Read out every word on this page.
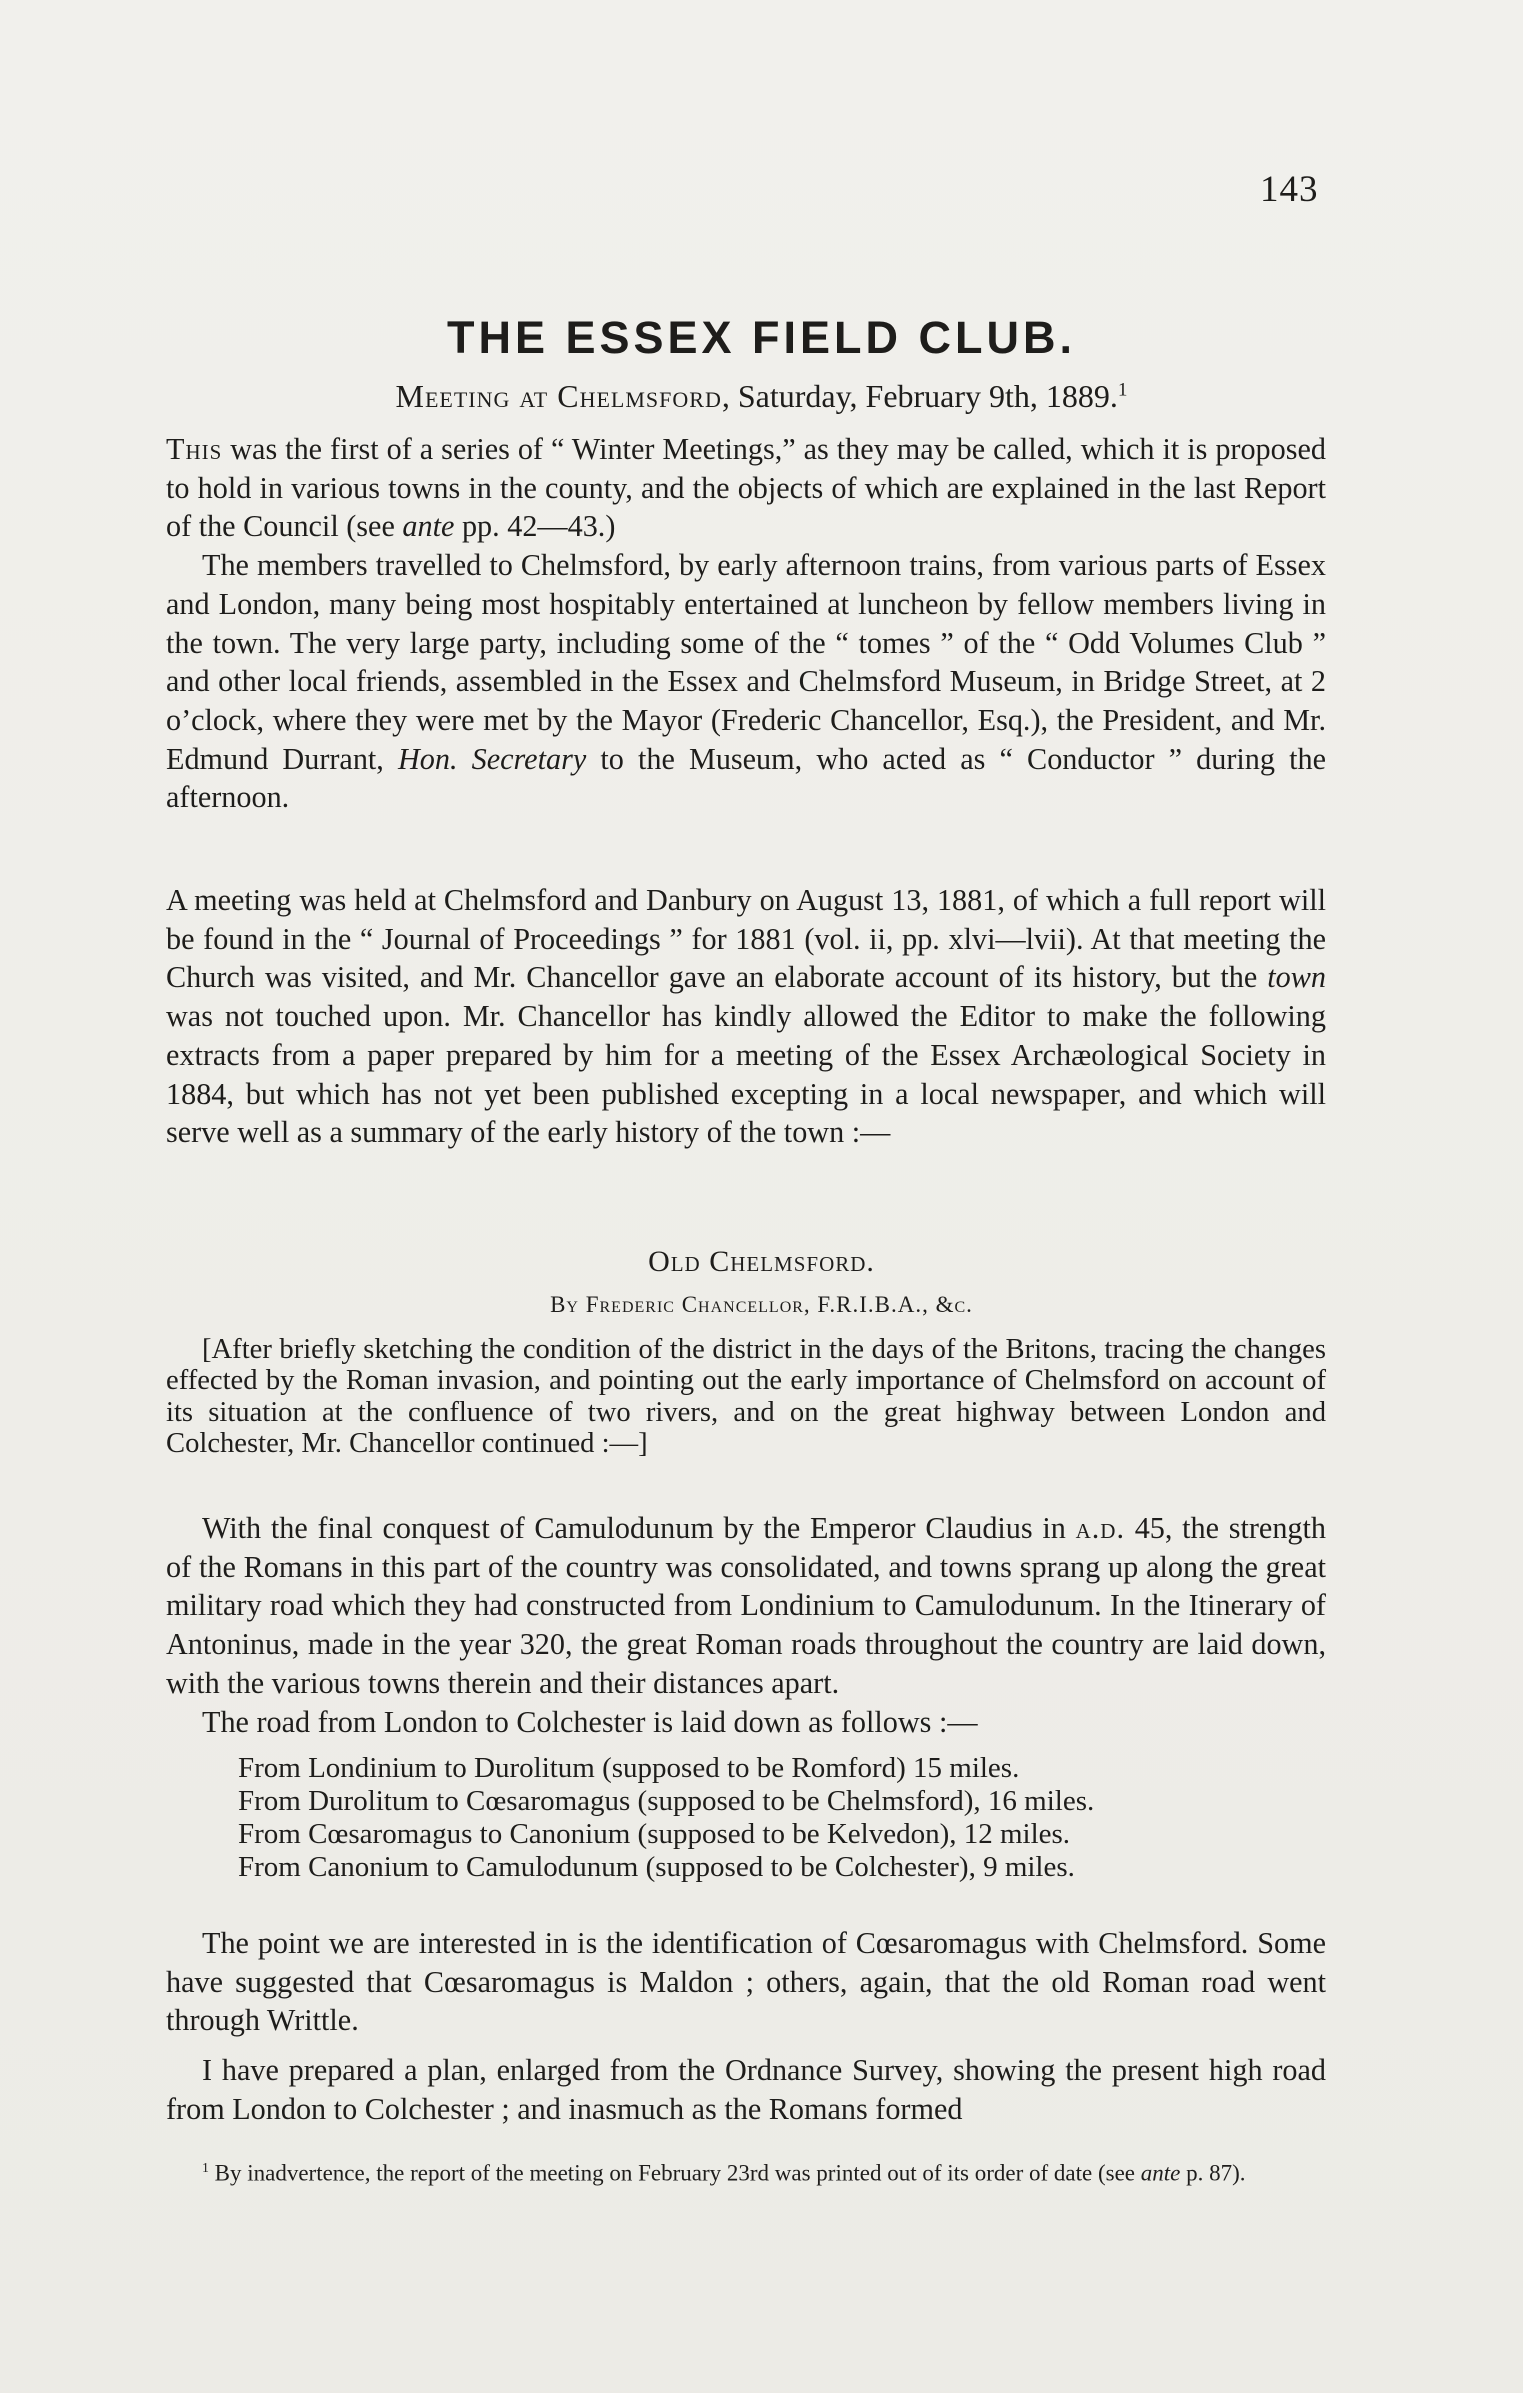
143
THE ESSEX FIELD CLUB.
Meeting at Chelmsford, Saturday, February 9th, 1889.$^1$

This was the first of a series of “ Winter Meetings,” as they may be called, which it is proposed to hold in various towns in the county, and the objects of which are explained in the last Report of the Council (see ante pp. 42—43.)

The members travelled to Chelmsford, by early afternoon trains, from various parts of Essex and London, many being most hospitably entertained at luncheon by fellow members living in the town. The very large party, including some of the “ tomes ” of the “ Odd Volumes Club ” and other local friends, assembled in the Essex and Chelmsford Museum, in Bridge Street, at 2 o’clock, where they were met by the Mayor (Frederic Chancellor, Esq.), the President, and Mr. Edmund Durrant, Hon. Secretary to the Museum, who acted as “ Conductor ” during the afternoon.

A meeting was held at Chelmsford and Danbury on August 13, 1881, of which a full report will be found in the “ Journal of Proceedings ” for 1881 (vol. ii, pp. xlvi—lvii). At that meeting the Church was visited, and Mr. Chancellor gave an elaborate account of its history, but the town was not touched upon. Mr. Chancellor has kindly allowed the Editor to make the following extracts from a paper prepared by him for a meeting of the Essex Archæological Society in 1884, but which has not yet been published excepting in a local newspaper, and which will serve well as a summary of the early history of the town :—

Old Chelmsford.
By Frederic Chancellor, F.R.I.B.A., &c.

[After briefly sketching the condition of the district in the days of the Britons, tracing the changes effected by the Roman invasion, and pointing out the early importance of Chelmsford on account of its situation at the confluence of two rivers, and on the great highway between London and Colchester, Mr. Chancellor continued :—]

With the final conquest of Camulodunum by the Emperor Claudius in a.d. 45, the strength of the Romans in this part of the country was consolidated, and towns sprang up along the great military road which they had constructed from Londinium to Camulodunum. In the Itinerary of Antoninus, made in the year 320, the great Roman roads throughout the country are laid down, with the various towns therein and their distances apart.

The road from London to Colchester is laid down as follows :—

From Londinium to Durolitum (supposed to be Romford) 15 miles.
From Durolitum to Cœsaromagus (supposed to be Chelmsford), 16 miles.
From Cœsaromagus to Canonium (supposed to be Kelvedon), 12 miles.
From Canonium to Camulodunum (supposed to be Colchester), 9 miles.

The point we are interested in is the identification of Cœsaromagus with Chelmsford. Some have suggested that Cœsaromagus is Maldon ; others, again, that the old Roman road went through Writtle.

I have prepared a plan, enlarged from the Ordnance Survey, showing the present high road from London to Colchester ; and inasmuch as the Romans formed

$^1$ By inadvertence, the report of the meeting on February 23rd was printed out of its order of date (see ante p. 87).
